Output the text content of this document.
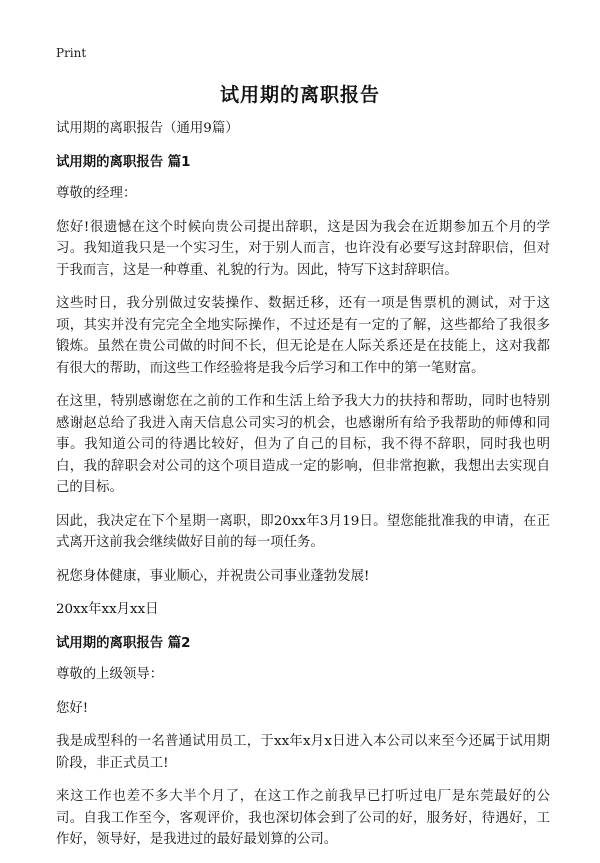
Print
试用期的离职报告

试用期的离职报告（通用9篇）

试用期的离职报告 篇1

尊敬的经理：

您好!很遗憾在这个时候向贵公司提出辞职，这是因为我会在近期参加五个月的学习。我知道我只是一个实习生，对于别人而言，也许没有必要写这封辞职信，但对于我而言，这是一种尊重、礼貌的行为。因此，特写下这封辞职信。

这些时日，我分别做过安装操作、数据迁移，还有一项是售票机的测试，对于这项，其实并没有完完全全地实际操作，不过还是有一定的了解，这些都给了我很多锻炼。虽然在贵公司做的时间不长，但无论是在人际关系还是在技能上，这对我都有很大的帮助，而这些工作经验将是我今后学习和工作中的第一笔财富。

在这里，特别感谢您在之前的工作和生活上给予我大力的扶持和帮助，同时也特别感谢赵总给了我进入南天信息公司实习的机会，也感谢所有给予我帮助的师傅和同事。我知道公司的待遇比较好，但为了自己的目标，我不得不辞职，同时我也明白，我的辞职会对公司的这个项目造成一定的影响，但非常抱歉，我想出去实现自己的目标。

因此，我决定在下个星期一离职，即20xx年3月19日。望您能批准我的申请，在正式离开这前我会继续做好目前的每一项任务。

祝您身体健康，事业顺心，并祝贵公司事业蓬勃发展!

20xx年xx月xx日

试用期的离职报告 篇2

尊敬的上级领导：

您好!

我是成型科的一名普通试用员工，于xx年x月x日进入本公司以来至今还属于试用期阶段，非正式员工!

来这工作也差不多大半个月了，在这工作之前我早已打听过电厂是东莞最好的公司。自我工作至今，客观评价，我也深切体会到了公司的好，服务好，待遇好，工作好，领导好，是我进过的最好最划算的公司。
